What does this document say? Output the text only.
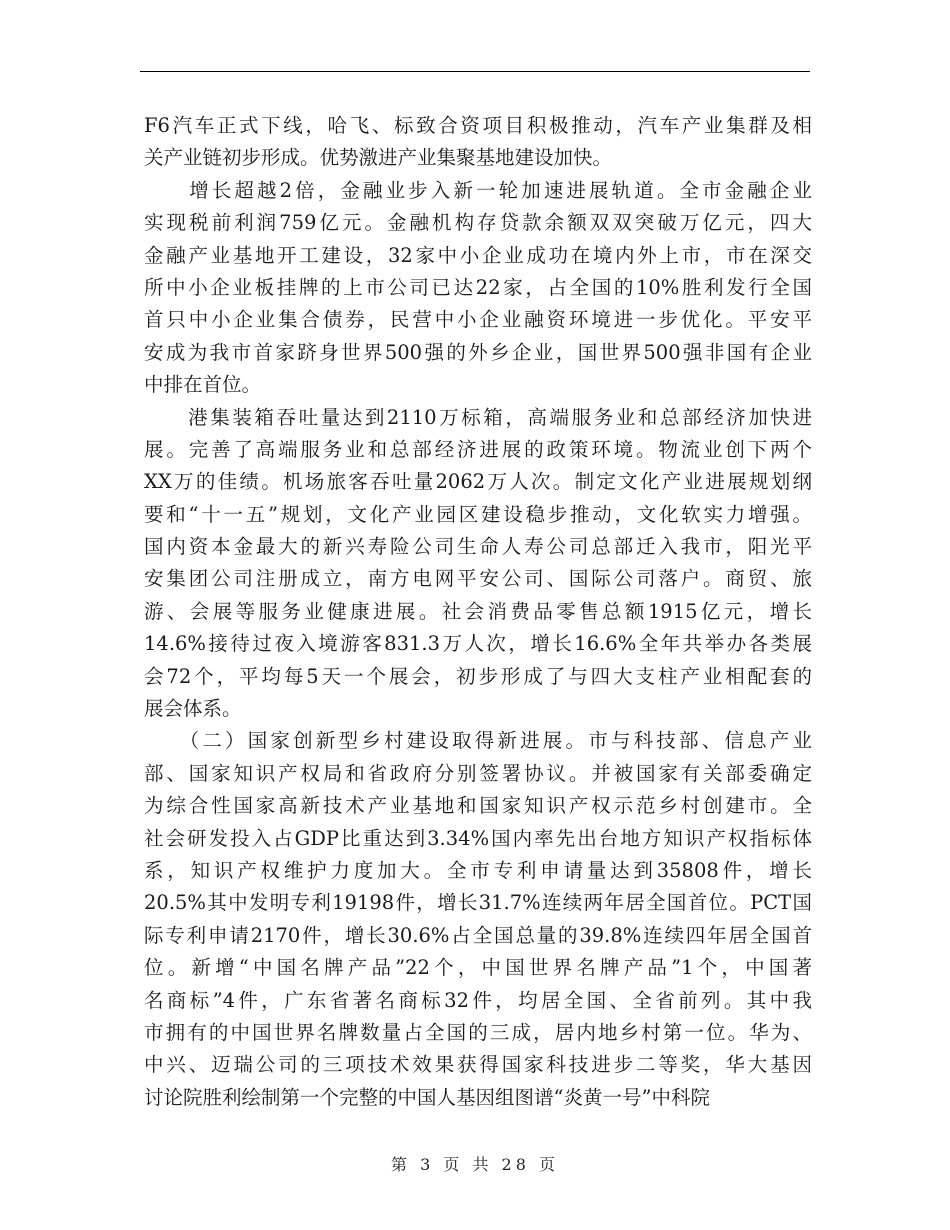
F6汽车正式下线，哈飞、标致合资项目积极推动，汽车产业集群及相
关产业链初步形成。优势激进产业集聚基地建设加快。
　　增长超越2倍，金融业步入新一轮加速进展轨道。全市金融企业
实现税前利润759亿元。金融机构存贷款余额双双突破万亿元，四大
金融产业基地开工建设，32家中小企业成功在境内外上市，市在深交
所中小企业板挂牌的上市公司已达22家，占全国的10%胜利发行全国
首只中小企业集合债券，民营中小企业融资环境进一步优化。平安平
安成为我市首家跻身世界500强的外乡企业，国世界500强非国有企业
中排在首位。
　　港集装箱吞吐量达到2110万标箱，高端服务业和总部经济加快进
展。完善了高端服务业和总部经济进展的政策环境。物流业创下两个
XX万的佳绩。机场旅客吞吐量2062万人次。制定文化产业进展规划纲
要和“十一五”规划，文化产业园区建设稳步推动，文化软实力增强。
国内资本金最大的新兴寿险公司生命人寿公司总部迁入我市，阳光平
安集团公司注册成立，南方电网平安公司、国际公司落户。商贸、旅
游、会展等服务业健康进展。社会消费品零售总额1915亿元，增长
14.6%接待过夜入境游客831.3万人次，增长16.6%全年共举办各类展
会72个，平均每5天一个展会，初步形成了与四大支柱产业相配套的
展会体系。
　　（二）国家创新型乡村建设取得新进展。市与科技部、信息产业
部、国家知识产权局和省政府分别签署协议。并被国家有关部委确定
为综合性国家高新技术产业基地和国家知识产权示范乡村创建市。全
社会研发投入占GDP比重达到3.34%国内率先出台地方知识产权指标体
系，知识产权维护力度加大。全市专利申请量达到35808件，增长
20.5%其中发明专利19198件，增长31.7%连续两年居全国首位。PCT国
际专利申请2170件，增长30.6%占全国总量的39.8%连续四年居全国首
位。新增“中国名牌产品”22个，中国世界名牌产品”1个，中国著
名商标”4件，广东省著名商标32件，均居全国、全省前列。其中我
市拥有的中国世界名牌数量占全国的三成，居内地乡村第一位。华为、
中兴、迈瑞公司的三项技术效果获得国家科技进步二等奖，华大基因
讨论院胜利绘制第一个完整的中国人基因组图谱“炎黄一号”中科院
第 3 页 共 28 页
